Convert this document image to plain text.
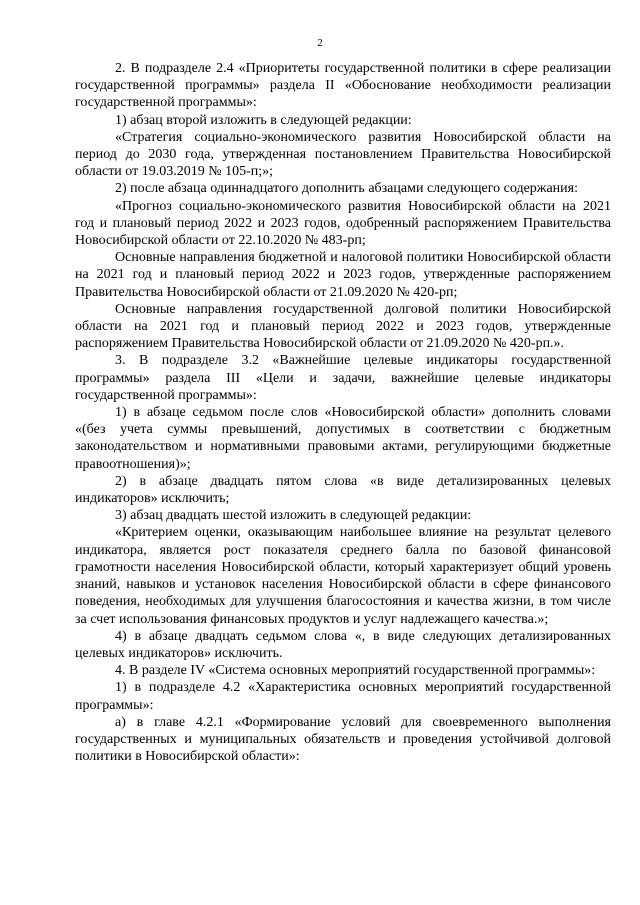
2

2. В подразделе 2.4 «Приоритеты государственной политики в сфере реализации государственной программы» раздела II «Обоснование необходимости реализации государственной программы»:

1) абзац второй изложить в следующей редакции:

«Стратегия социально-экономического развития Новосибирской области на период до 2030 года, утвержденная постановлением Правительства Новосибирской области от 19.03.2019 № 105-п;»;

2) после абзаца одиннадцатого дополнить абзацами следующего содержания:

«Прогноз социально-экономического развития Новосибирской области на 2021 год и плановый период 2022 и 2023 годов, одобренный распоряжением Правительства Новосибирской области от 22.10.2020 № 483-рп;

Основные направления бюджетной и налоговой политики Новосибирской области на 2021 год и плановый период 2022 и 2023 годов, утвержденные распоряжением Правительства Новосибирской области от 21.09.2020 № 420-рп;

Основные направления государственной долговой политики Новосибирской области на 2021 год и плановый период 2022 и 2023 годов, утвержденные распоряжением Правительства Новосибирской области от 21.09.2020 № 420-рп.».

3. В подразделе 3.2 «Важнейшие целевые индикаторы государственной программы» раздела III «Цели и задачи, важнейшие целевые индикаторы государственной программы»:

1) в абзаце седьмом после слов «Новосибирской области» дополнить словами «(без учета суммы превышений, допустимых в соответствии с бюджетным законодательством и нормативными правовыми актами, регулирующими бюджетные правоотношения)»;

2) в абзаце двадцать пятом слова «в виде детализированных целевых индикаторов» исключить;

3) абзац двадцать шестой изложить в следующей редакции:

«Критерием оценки, оказывающим наибольшее влияние на результат целевого индикатора, является рост показателя среднего балла по базовой финансовой грамотности населения Новосибирской области, который характеризует общий уровень знаний, навыков и установок населения Новосибирской области в сфере финансового поведения, необходимых для улучшения благосостояния и качества жизни, в том числе за счет использования финансовых продуктов и услуг надлежащего качества.»;

4) в абзаце двадцать седьмом слова «, в виде следующих детализированных целевых индикаторов» исключить.

4. В разделе IV «Система основных мероприятий государственной программы»:

1) в подразделе 4.2 «Характеристика основных мероприятий государственной программы»:

а) в главе 4.2.1 «Формирование условий для своевременного выполнения государственных и муниципальных обязательств и проведения устойчивой долговой политики в Новосибирской области»:
